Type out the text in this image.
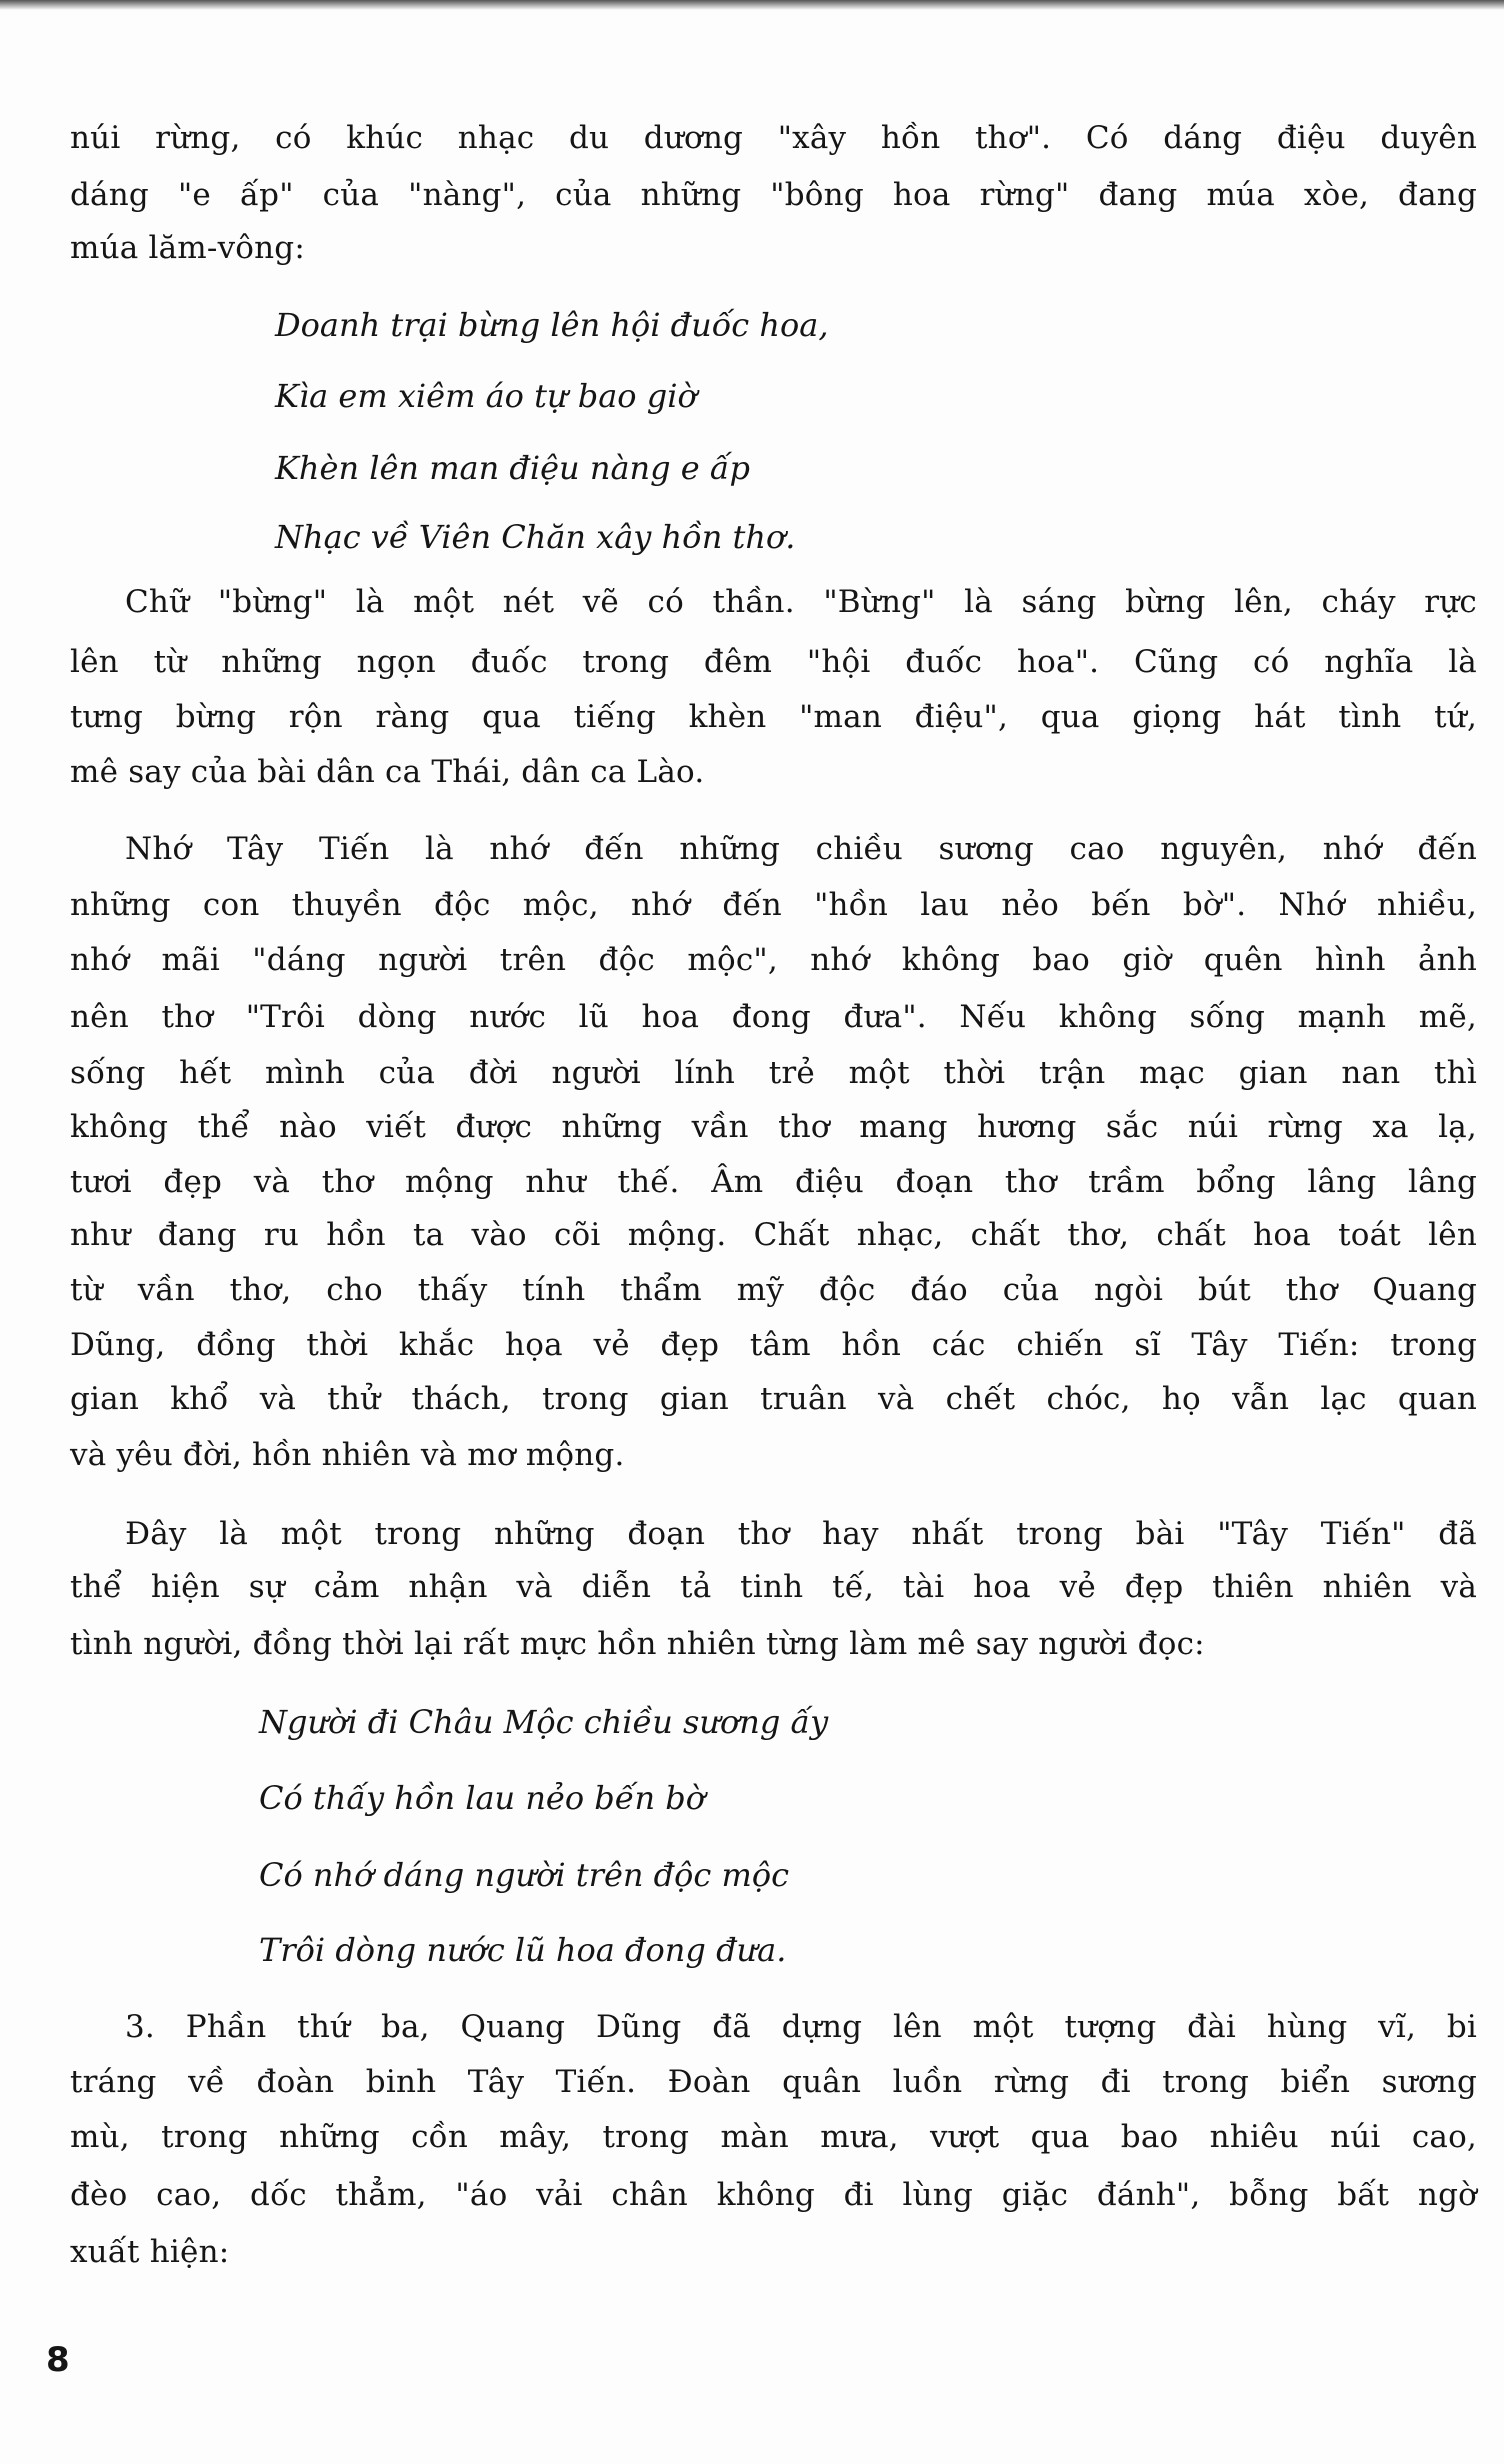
núi rừng, có khúc nhạc du dương "xây hồn thơ". Có dáng điệu duyên
dáng "e ấp" của "nàng", của những "bông hoa rừng" đang múa xòe, đang
múa lăm-vông:
Chữ "bừng" là một nét vẽ có thần. "Bừng" là sáng bừng lên, cháy rực
lên từ những ngọn đuốc trong đêm "hội đuốc hoa". Cũng có nghĩa là
tưng bừng rộn ràng qua tiếng khèn "man điệu", qua giọng hát tình tứ,
mê say của bài dân ca Thái, dân ca Lào.
Nhớ Tây Tiến là nhớ đến những chiều sương cao nguyên, nhớ đến
những con thuyền độc mộc, nhớ đến "hồn lau nẻo bến bờ". Nhớ nhiều,
nhớ mãi "dáng người trên độc mộc", nhớ không bao giờ quên hình ảnh
nên thơ "Trôi dòng nước lũ hoa đong đưa". Nếu không sống mạnh mẽ,
sống hết mình của đời người lính trẻ một thời trận mạc gian nan thì
không thể nào viết được những vần thơ mang hương sắc núi rừng xa lạ,
tươi đẹp và thơ mộng như thế. Âm điệu đoạn thơ trầm bổng lâng lâng
như đang ru hồn ta vào cõi mộng. Chất nhạc, chất thơ, chất hoa toát lên
từ vần thơ, cho thấy tính thẩm mỹ độc đáo của ngòi bút thơ Quang
Dũng, đồng thời khắc họa vẻ đẹp tâm hồn các chiến sĩ Tây Tiến: trong
gian khổ và thử thách, trong gian truân và chết chóc, họ vẫn lạc quan
và yêu đời, hồn nhiên và mơ mộng.
Đây là một trong những đoạn thơ hay nhất trong bài "Tây Tiến" đã
thể hiện sự cảm nhận và diễn tả tinh tế, tài hoa vẻ đẹp thiên nhiên và
tình người, đồng thời lại rất mực hồn nhiên từng làm mê say người đọc:
3. Phần thứ ba, Quang Dũng đã dựng lên một tượng đài hùng vĩ, bi
tráng về đoàn binh Tây Tiến. Đoàn quân luồn rừng đi trong biển sương
mù, trong những cồn mây, trong màn mưa, vượt qua bao nhiêu núi cao,
đèo cao, dốc thẳm, "áo vải chân không đi lùng giặc đánh", bỗng bất ngờ
xuất hiện:
Doanh trại bừng lên hội đuốc hoa,
Kìa em xiêm áo tự bao giờ
Khèn lên man điệu nàng e ấp
Nhạc về Viên Chăn xây hồn thơ.
Người đi Châu Mộc chiều sương ấy
Có thấy hồn lau nẻo bến bờ
Có nhớ dáng người trên độc mộc
Trôi dòng nước lũ hoa đong đưa.
8
